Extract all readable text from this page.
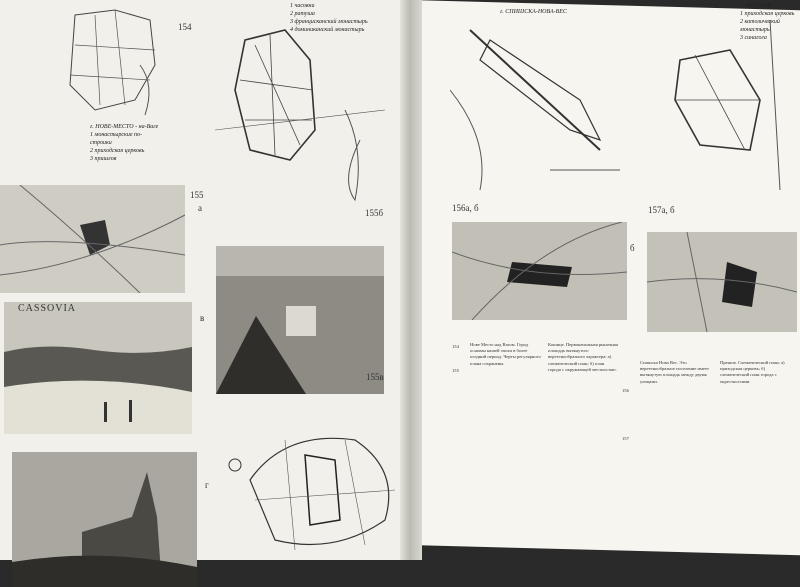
154
г. НОВЕ-МЕСТО - на-Ваге
1 монастырские по-
строики
2 приходская церковь
3 пришлов
1 часовни
2 ратуша
3 францисканский монастырь
4 доминиканский монастырь
155б
155
а
CASSOVIA
в
г
155в
г. СПИШСКА-НОВА-ВЕС
156а, б
г. ПРЕШОВ
1 приходская церковь
2 католический
монастырь
3 синагога
157а, б
б
154
155
156
157
Нове Место над Вагом. Город основан нашей эпохи в более поздний период. Черты регулярного плана сохранены.
Кошице. Первоначальная рыночная площадь вытянутого веретенообразного характера; а) схематический план; б) план города с окружающей местностью.
Спишска Нова Вес. Это веретенообразное поселение имеет вытянутую площадь между двумя улицами.
Прешов. Схематический план; а) приходская церковь; б) схематический план города с окрестностями.
